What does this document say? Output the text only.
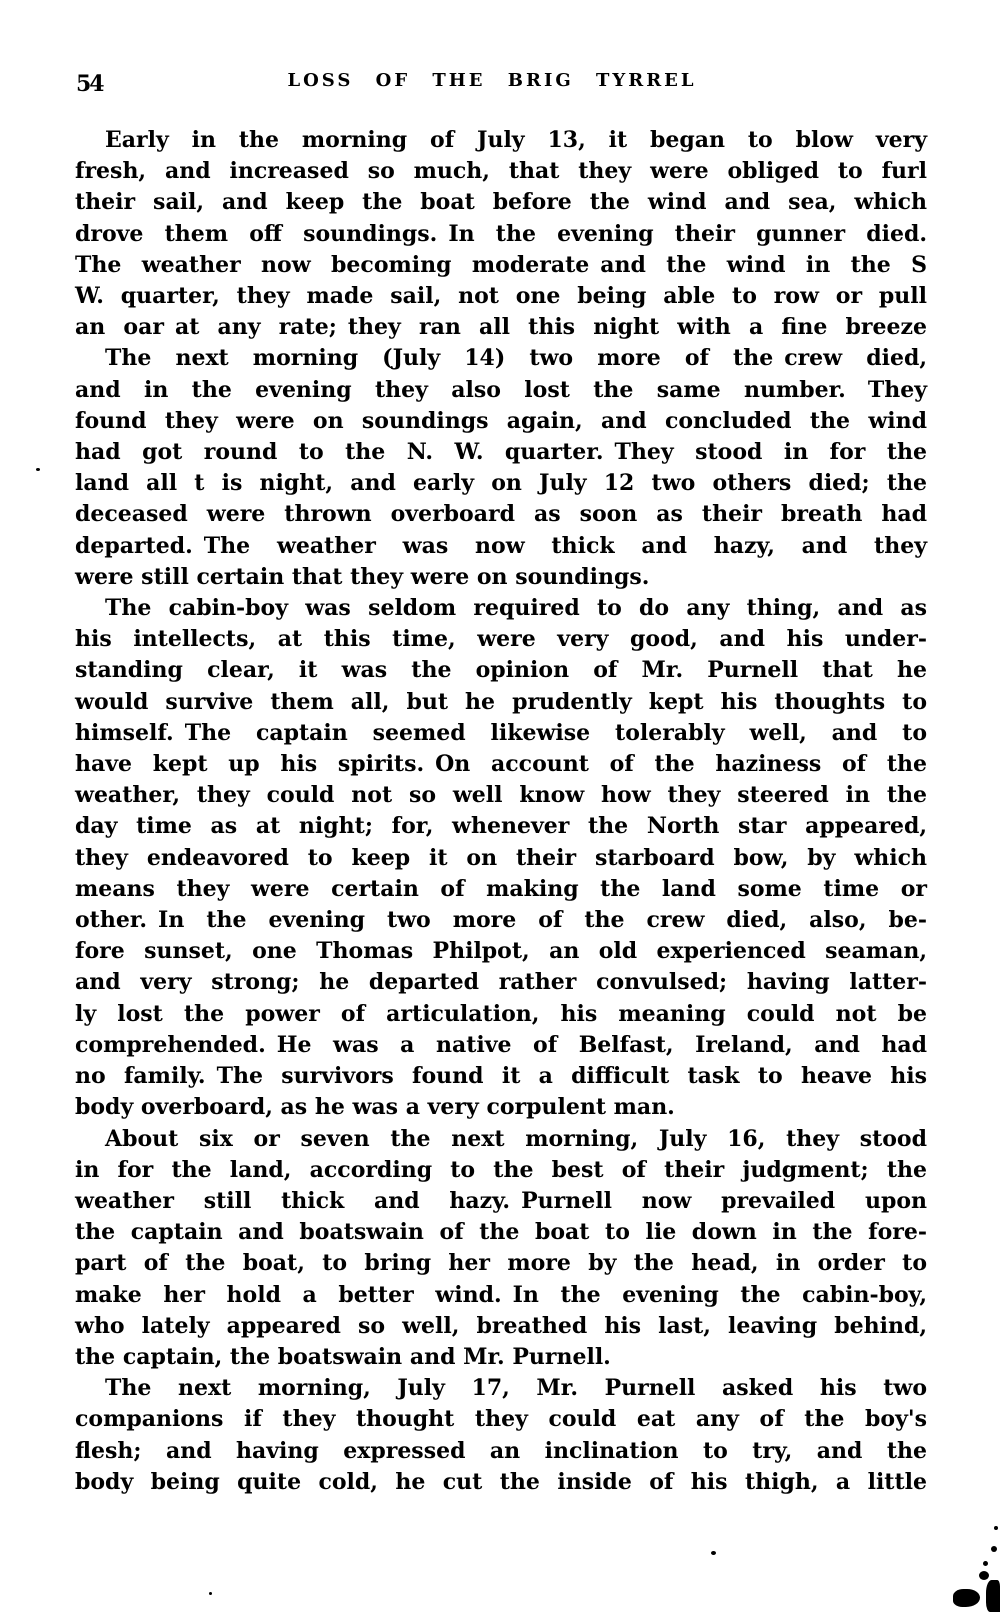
54	LOSS OF THE BRIG TYRREL
Early in the morning of July 13, it began to blow very
fresh, and increased so much, that they were obliged to furl
their sail, and keep the boat before the wind and sea, which
drove them off soundings. In the evening their gunner died.
The weather now becoming moderate and the wind in the S
W. quarter, they made sail, not one being able to row or pull
an oar at any rate; they ran all this night with a fine breeze
The next morning (July 14) two more of the crew died,
and in the evening they also lost the same number.  They
found they were on soundings again, and concluded the wind
had got round to the N. W. quarter. They stood in for the
land all t is night, and early on July 12 two others died; the
deceased were thrown overboard as soon as their breath had
departed. The weather was now thick and hazy, and they
were still certain that they were on soundings.
The cabin-boy was seldom required to do any thing, and as
his intellects, at this time, were very good, and his under-
standing clear, it was the opinion of Mr. Purnell that he
would survive them all, but he prudently kept his thoughts to
himself. The captain seemed likewise tolerably well, and to
have kept up his spirits. On account of the haziness of the
weather, they could not so well know how they steered in the
day time as at night; for, whenever the North star appeared,
they endeavored to keep it on their starboard bow, by which
means they were certain of making the land some time or
other. In the evening two more of the crew died, also, be-
fore sunset, one Thomas Philpot, an old experienced seaman,
and very strong; he departed rather convulsed; having latter-
ly lost the power of articulation, his meaning could not be
comprehended. He was a native of Belfast, Ireland, and had
no family. The survivors found it a difficult task to heave his
body overboard, as he was a very corpulent man.
About six or seven the next morning, July 16, they stood
in for the land, according to the best of their judgment; the
weather still thick and hazy. Purnell now prevailed upon
the captain and boatswain of the boat to lie down in the fore-
part of the boat, to bring her more by the head, in order to
make her hold a better wind. In the evening the cabin-boy,
who lately appeared so well, breathed his last, leaving behind,
the captain, the boatswain and Mr. Purnell.
The next morning, July 17, Mr. Purnell asked his two
companions if they thought they could eat any of the boy's
flesh; and having expressed an inclination to try, and the
body being quite cold, he cut the inside of his thigh, a little
